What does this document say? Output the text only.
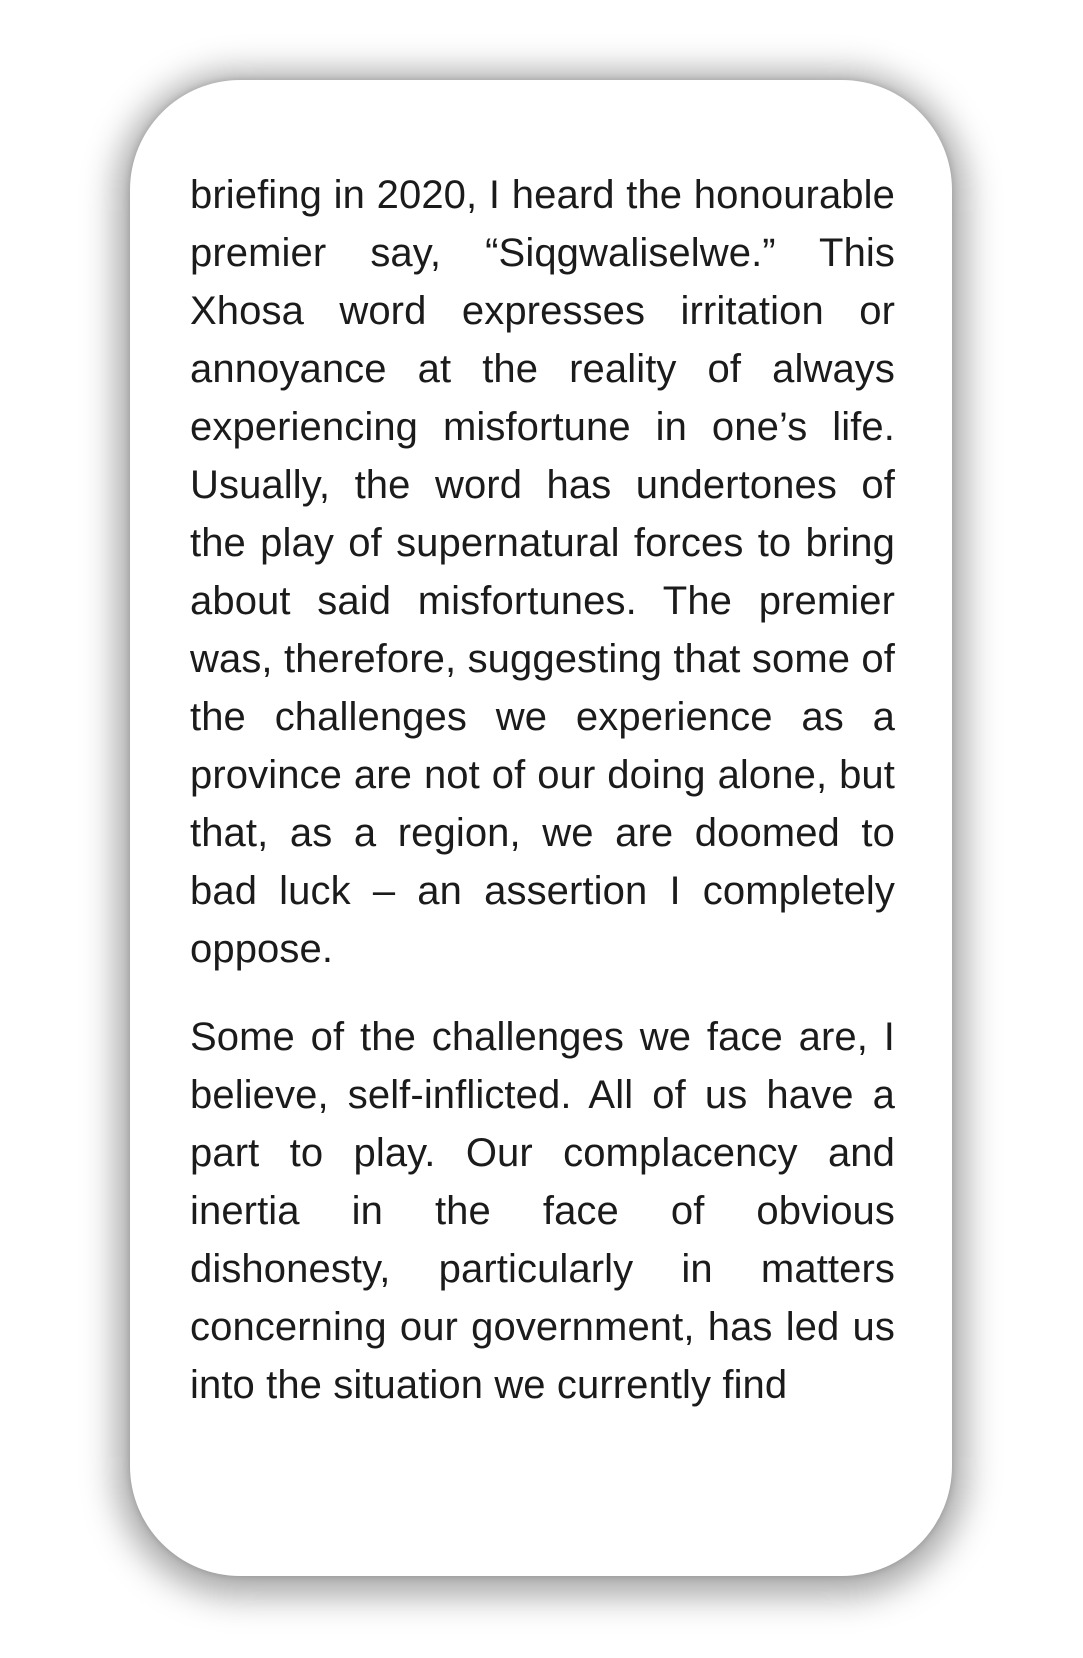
briefing in 2020, I heard the honourable premier say, “Siqgwaliselwe.” This Xhosa word expresses irritation or annoyance at the reality of always experiencing misfortune in one’s life. Usually, the word has undertones of the play of supernatural forces to bring about said misfortunes. The premier was, therefore, suggesting that some of the challenges we experience as a province are not of our doing alone, but that, as a region, we are doomed to bad luck – an assertion I completely oppose.

Some of the challenges we face are, I believe, self-inflicted. All of us have a part to play. Our complacency and inertia in the face of obvious dishonesty, particularly in matters concerning our government, has led us into the situation we currently find
